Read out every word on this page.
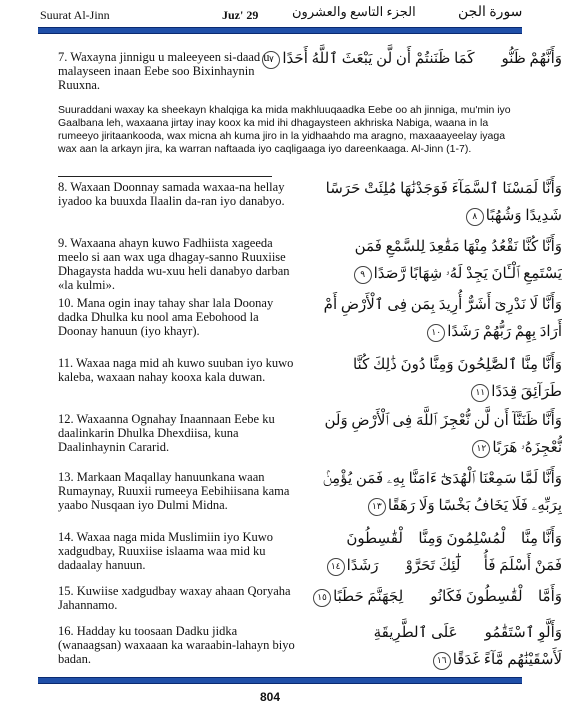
Suurat Al-Jinn	Juz' 29	الجزء التاسع والعشرون	سورة الجن
7. Waxayna jinnigu u maleeyeen si-daad u malayseen inaan Eebe soo Bixinhaynin Ruuxna.
وَأَنَّهُمْ ظَنُّوا۟ كَمَا ظَنَنتُمْ أَن لَّن يَبْعَثَ ٱللَّهُ أَحَدًا٧
Suuraddani waxay ka sheekayn khalqiga ka mida makhluuqaadka Eebe oo ah jinniga, mu'min iyo Gaalbana leh, waxaana jirtay inay koox ka mid ihi dhagaysteen akhriska Nabiga, waana in la rumeeyo jiritaankooda, wax micna ah kuma jiro in la yidhaahdo ma aragno, maxaaayeelay iyaga wax aan la arkayn jira, ka warran naftaada iyo caqligaaga iyo dareenkaaga. Al-Jinn (1-7).
8. Waxaan Doonnay samada waxaa-na hellay iyadoo ka buuxda Ilaalin da-ran iyo danabyo.
وَأَنَّا لَمَسْنَا ٱلسَّمَآءَ فَوَجَدْنَٰهَا مُلِئَتْ حَرَسًا شَدِيدًا وَشُهُبًا٨
9. Waxaana ahayn kuwo Fadhiista xageeda meelo si aan wax uga dhagay-sanno Ruuxiise Dhagaysta hadda wu-xuu heli danabyo darban «la kulmi».
وَأَنَّا كُنَّا نَقْعُدُ مِنْهَا مَقَٰعِدَ لِلسَّمْعِ فَمَن يَسْتَمِعِ ٱلْـَٔانَ يَجِدْ لَهُۥ شِهَابًا رَّصَدًا٩
10. Mana ogin inay tahay shar lala Doonay dadka Dhulka ku nool ama Eebohood la Doonay hanuun (iyo khayr).
وَأَنَّا لَا نَدْرِىٓ أَشَرٌّ أُرِيدَ بِمَن فِى ٱلْأَرْضِ أَمْ أَرَادَ بِهِمْ رَبُّهُمْ رَشَدًا١٠
11. Waxaa naga mid ah kuwo suuban iyo kuwo kaleba, waxaan nahay kooxa kala duwan.
وَأَنَّا مِنَّا ٱلصَّٰلِحُونَ وَمِنَّا دُونَ ذَٰلِكَ كُنَّا طَرَآئِقَ قِدَدًا١١
12. Waxaanna Ognahay Inaannaan Eebe ku daalinkarin Dhulka Dhexdiisa, kuna Daalinhaynin Cararid.
وَأَنَّا ظَنَنَّآ أَن لَّن نُّعْجِزَ ٱللَّهَ فِى ٱلْأَرْضِ وَلَن نُّعْجِزَهُۥ هَرَبًا١٢
13. Markaan Maqallay hanuunkana waan Rumaynay, Ruuxii rumeeya Eebihiisana kama yaabo Nusqaan iyo Dulmi Midna.
وَأَنَّا لَمَّا سَمِعْنَا ٱلْهُدَىٰٓ ءَامَنَّا بِهِۦ فَمَن يُؤْمِنۢ بِرَبِّهِۦ فَلَا يَخَافُ بَخْسًا وَلَا رَهَقًا١٣
14. Waxaa naga mida Muslimiin iyo Kuwo xadgudbay, Ruuxiise islaama waa mid ku dadaalay hanuun.
وَأَنَّا مِنَّا ٱلْمُسْلِمُونَ وَمِنَّا ٱلْقَٰسِطُونَ فَمَنْ أَسْلَمَ فَأُو۟لَٰٓئِكَ تَحَرَّوْا۟ رَشَدًا١٤
15. Kuwiise xadgudbay waxay ahaan Qoryaha Jahannamo.	وَأَمَّا ٱلْقَٰسِطُونَ فَكَانُوا۟ لِجَهَنَّمَ حَطَبًا١٥
16. Hadday ku toosaan Dadku jidka (wanaagsan) waxaaan ka waraabin-lahayn biyo badan.
وَأَلَّوِ ٱسْتَقَٰمُوا۟ عَلَى ٱلطَّرِيقَةِ لَأَسْقَيْنَٰهُم مَّآءً غَدَقًا١٦
804
